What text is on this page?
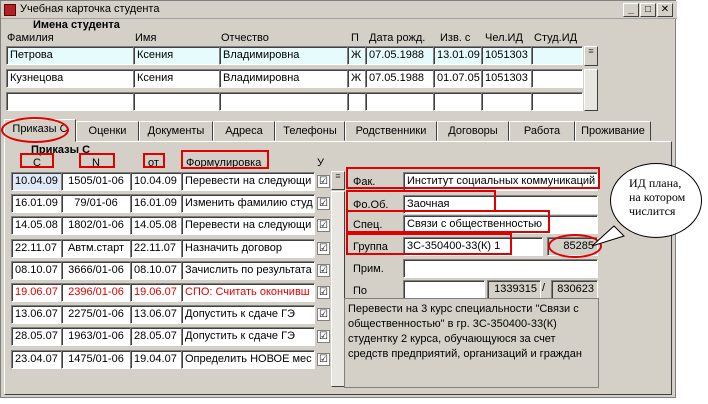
Учебная карточка студента	_	□ ✕
Имена студента
Фамилия	Имя	Отчество	П Дата рожд. Изв. с Чел.ИД Студ.ИД
Петрова	Ксения	Владимировна	Ж 07.05.1988	13.01.09 1051303
Кузнецова	Ксения	Владимировна	Ж 07.05.1988	01.07.05 1051303
≡
Приказы С	Оценки	Документы	Адреса	Телефоны	Родственники	Договоры	Работа	Проживание
Приказы С
С	N	от Формулировка	У
10.04.09 1505/01-06 10.04.09 Перевести на следующи ☑
16.01.09	79/01-06	16.01.09 Изменить фамилию студ ☑
14.05.08 1802/01-06 14.05.08 Перевести на следующи ☑
22.11.07 Автм.старт 22.11.07 Назначить договор	☑
08.10.07 3666/01-06 08.10.07 Зачислить по результата ☑
19.06.07 2396/01-06 19.06.07 СПО: Считать окончивш ☑
13.06.07 2275/01-06 13.06.07 Допустить к сдаче ГЭ	☑
28.05.07 1963/01-06 28.05.07 Допустить к сдаче ГЭ	☑
23.04.07 1475/01-06 19.04.07 Определить НОВОЕ мес ☑
≡	Фак.	Институт социальных коммуникаций
Фо.Об.	Заочная
Спец.	Связи с общественностью
Группа	3С-350400-33(К) 1	85285
Прим.
По	1339315 /	830623
Перевести на 3 курс специальности "Связи с общественностью" в гр. 3С-350400-33(К) студентку 2 курса, обучающуюся за счет средств предприятий, организаций и граждан
ИД плана, на котором числится
